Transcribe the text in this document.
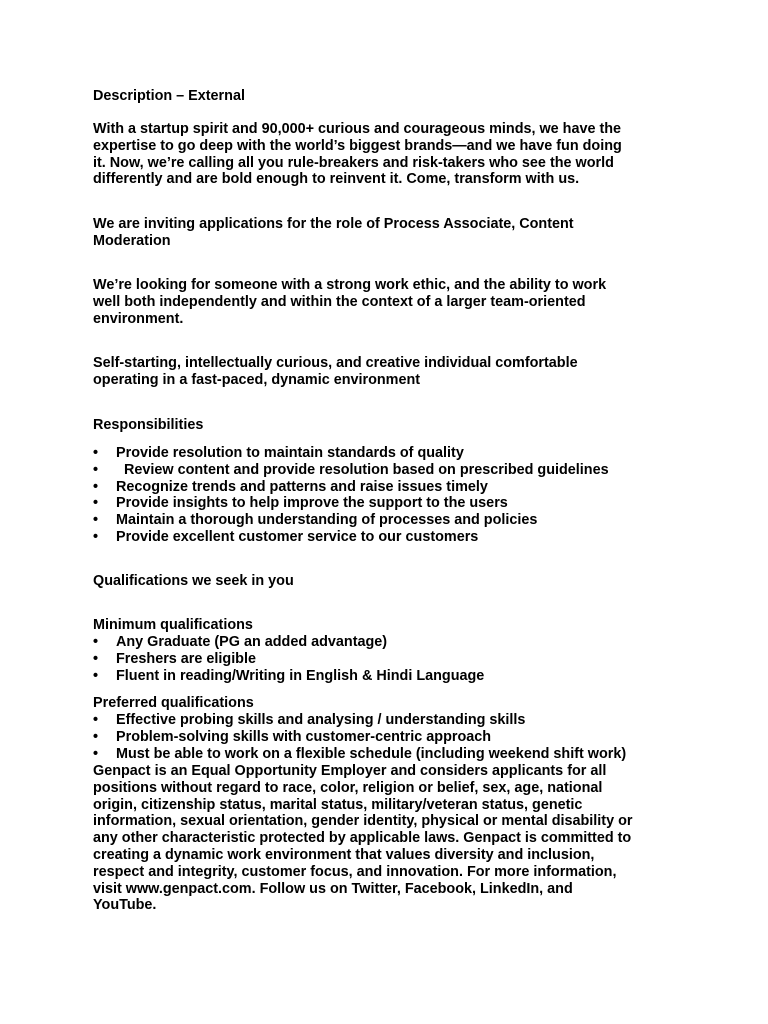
Description – External
With a startup spirit and 90,000+ curious and courageous minds, we have the
expertise to go deep with the world’s biggest brands—and we have fun doing
it. Now, we’re calling all you rule-breakers and risk-takers who see the world
differently and are bold enough to reinvent it. Come, transform with us.
We are inviting applications for the role of Process Associate, Content
Moderation
We’re looking for someone with a strong work ethic, and the ability to work
well both independently and within the context of a larger team-oriented
environment.
Self-starting, intellectually curious, and creative individual comfortable
operating in a fast-paced, dynamic environment
Responsibilities
• Provide resolution to maintain standards of quality
• Review content and provide resolution based on prescribed guidelines
• Recognize trends and patterns and raise issues timely
• Provide insights to help improve the support to the users
• Maintain a thorough understanding of processes and policies
• Provide excellent customer service to our customers
Qualifications we seek in you
Minimum qualifications
• Any Graduate (PG an added advantage)
• Freshers are eligible
• Fluent in reading/Writing in English & Hindi Language
Preferred qualifications
• Effective probing skills and analysing / understanding skills
• Problem-solving skills with customer-centric approach
• Must be able to work on a flexible schedule (including weekend shift work)
Genpact is an Equal Opportunity Employer and considers applicants for all
positions without regard to race, color, religion or belief, sex, age, national
origin, citizenship status, marital status, military/veteran status, genetic
information, sexual orientation, gender identity, physical or mental disability or
any other characteristic protected by applicable laws. Genpact is committed to
creating a dynamic work environment that values diversity and inclusion,
respect and integrity, customer focus, and innovation. For more information,
visit www.genpact.com. Follow us on Twitter, Facebook, LinkedIn, and
YouTube.
